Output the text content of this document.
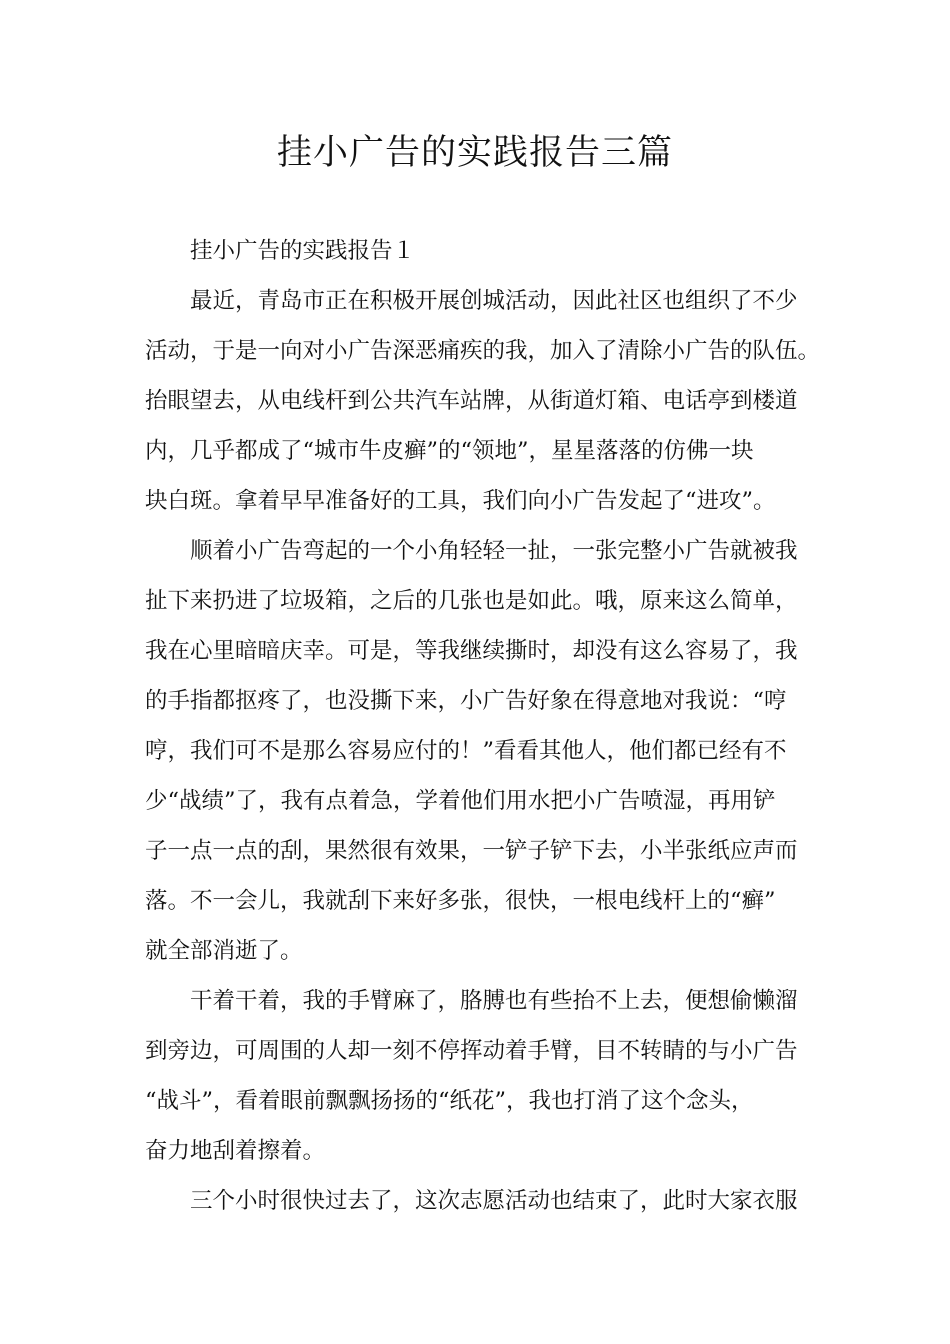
挂小广告的实践报告三篇
挂小广告的实践报告１
最近，青岛市正在积极开展创城活动，因此社区也组织了不少
活动，于是一向对小广告深恶痛疾的我，加入了清除小广告的队伍。
抬眼望去，从电线杆到公共汽车站牌，从街道灯箱、电话亭到楼道
内，几乎都成了“城市牛皮癣”的“领地”，星星落落的仿佛一块
块白斑。拿着早早准备好的工具，我们向小广告发起了“进攻”。
顺着小广告弯起的一个小角轻轻一扯，一张完整小广告就被我
扯下来扔进了垃圾箱，之后的几张也是如此。哦，原来这么简单，
我在心里暗暗庆幸。可是，等我继续撕时，却没有这么容易了，我
的手指都抠疼了，也没撕下来，小广告好象在得意地对我说：“哼
哼，我们可不是那么容易应付的！”看看其他人，他们都已经有不
少“战绩”了，我有点着急，学着他们用水把小广告喷湿，再用铲
子一点一点的刮，果然很有效果，一铲子铲下去，小半张纸应声而
落。不一会儿，我就刮下来好多张，很快，一根电线杆上的“癣”
就全部消逝了。
干着干着，我的手臂麻了，胳膊也有些抬不上去，便想偷懒溜
到旁边，可周围的人却一刻不停挥动着手臂，目不转睛的与小广告
“战斗”，看着眼前飘飘扬扬的“纸花”，我也打消了这个念头，
奋力地刮着擦着。
三个小时很快过去了，这次志愿活动也结束了，此时大家衣服
